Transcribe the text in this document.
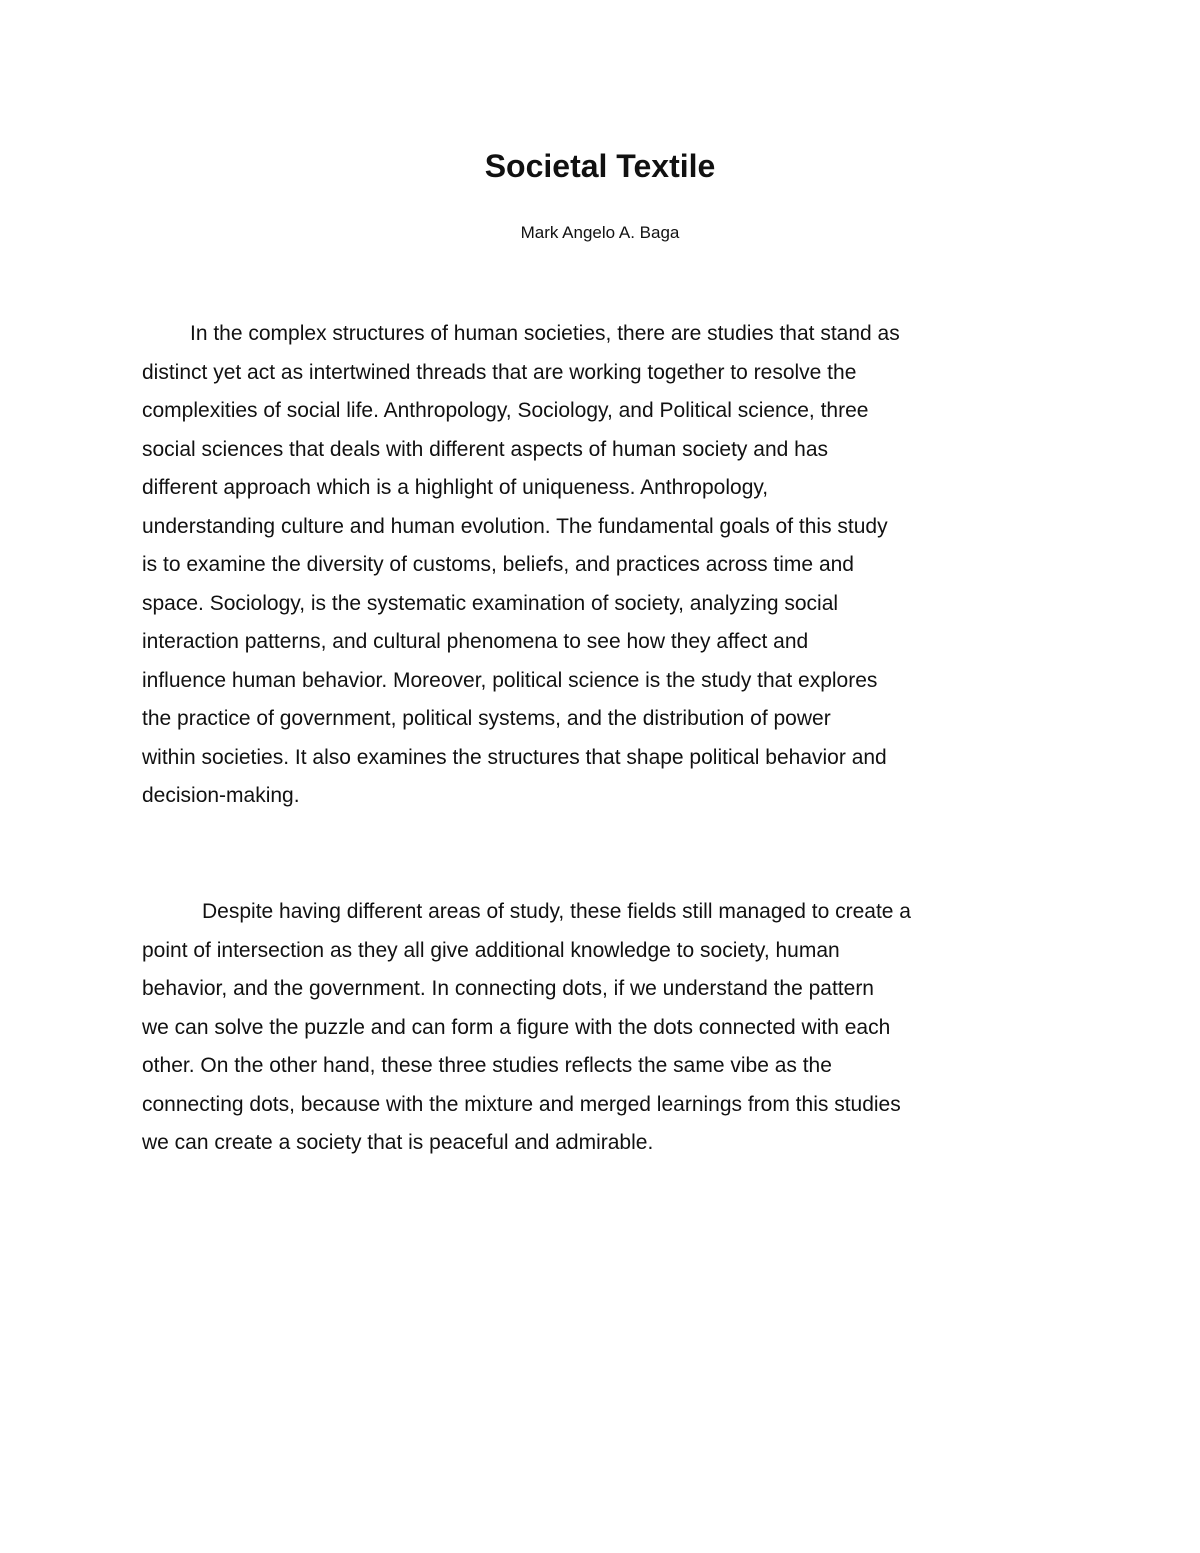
Societal Textile

Mark Angelo A. Baga

In the complex structures of human societies, there are studies that stand as
distinct yet act as intertwined threads that are working together to resolve the
complexities of social life. Anthropology, Sociology, and Political science, three
social sciences that deals with different aspects of human society and has
different approach which is a highlight of uniqueness. Anthropology,
understanding culture and human evolution. The fundamental goals of this study
is to examine the diversity of customs, beliefs, and practices across time and
space. Sociology, is the systematic examination of society, analyzing social
interaction patterns, and cultural phenomena to see how they affect and
influence human behavior. Moreover, political science is the study that explores
the practice of government, political systems, and the distribution of power
within societies. It also examines the structures that shape political behavior and
decision-making.
Despite having different areas of study, these fields still managed to create a
point of intersection as they all give additional knowledge to society, human
behavior, and the government. In connecting dots, if we understand the pattern
we can solve the puzzle and can form a figure with the dots connected with each
other. On the other hand, these three studies reflects the same vibe as the
connecting dots, because with the mixture and merged learnings from this studies
we can create a society that is peaceful and admirable.
